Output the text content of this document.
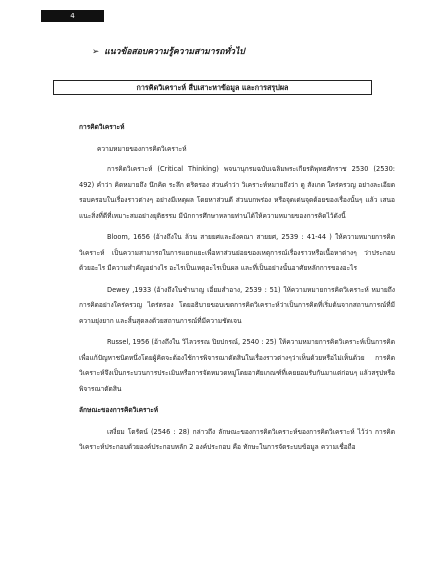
4
➢ แนวข้อสอบความรู้ความสามารถทั่วไป
การคิดวิเคราะห์ สืบเสาะหาข้อมูล และการสรุปผล

การคิดวิเคราะห์

ความหมายของการคิดวิเคราะห์

การคิดวิเคราะห์ (Critical Thinking) พจนานุกรมฉบับเฉลิมพระเกียรติพุทธศักราช 2530 (2530: 492) คำว่า คิดหมายถึง นึกคิด ระลึก ตริตรอง ส่วนคำว่า วิเคราะห์หมายถึงว่า ดู สังเกต ใคร่ครวญ อย่างละเอียดรอบครอบในเรื่องราวต่างๆ อย่างมีเหตุผล โดยหาส่วนดี ส่วนบกพร่อง หรือจุดเด่นจุดด้อยของเรื่องนั้นๆ แล้ว เสนอแนะสิ่งที่ดีที่เหมาะสมอย่างยุติธรรม มีนักการศึกษาหลายท่านได้ให้ความหมายของการคิดไว้ดังนี้

Bloom, 1656 (อ้างถึงใน ล้วน สายยศและอังคณา สายยศ, 2539 : 41-44 ) ให้ความหมายการคิดวิเคราะห์ เป็นความสามารถในการแยกแยะเพื่อหาส่วนย่อยของเหตุการณ์เรื่องราวหรือเนื้อหาต่างๆ ว่าประกอบด้วยอะไร มีความสำคัญอย่างไร อะไรเป็นเหตุอะไรเป็นผล และที่เป็นอย่างนั้นอาศัยหลักการของอะไร

Dewey ,1933 (อ้างถึงในชำนาญ เอี่ยมสำอาง, 2539 : 51) ให้ความหมายการคิดวิเคราะห์ หมายถึง การคิดอย่างใคร่ครวญ ไตร่ตรอง โดยอธิบายขอบเขตการคิดวิเคราะห์ว่าเป็นการคิดที่เริ่มต้นจากสถานการณ์ที่มีความยุ่งยาก และสิ้นสุดลงด้วยสถานการณ์ที่มีความชัดเจน

Russel, 1956 (อ้างถึงใน วิไลวรรณ ปิยปกรณ์, 2540 : 25) ให้ความหมายการคิดวิเคราะห์เป็นการคิดเพื่อแก้ปัญหาชนิดหนึ่งโดยผู้คิดจะต้องใช้การพิจารณาตัดสินในเรื่องราวต่างๆว่าเห็นด้วยหรือไม่เห็นด้วย การคิดวิเคราะห์จึงเป็นกระบวนการประเมินหรือการจัดหมวดหมู่โดยอาศัยเกณฑ์ที่เคยยอมรับกันมาแต่ก่อนๆ แล้วสรุปหรือพิจารณาตัดสิน

ลักษณะของการคิดวิเคราะห์

เสงี่ยม โตรัตน์ (2546 : 28) กล่าวถึง ลักษณะของการคิดวิเคราะห์ของการคิดวิเคราะห์ ไว้ว่า การคิดวิเคราะห์ประกอบด้วยองค์ประกอบหลัก 2 องค์ประกอบ คือ ทักษะในการจัดระบบข้อมูล ความเชื่อถือ
